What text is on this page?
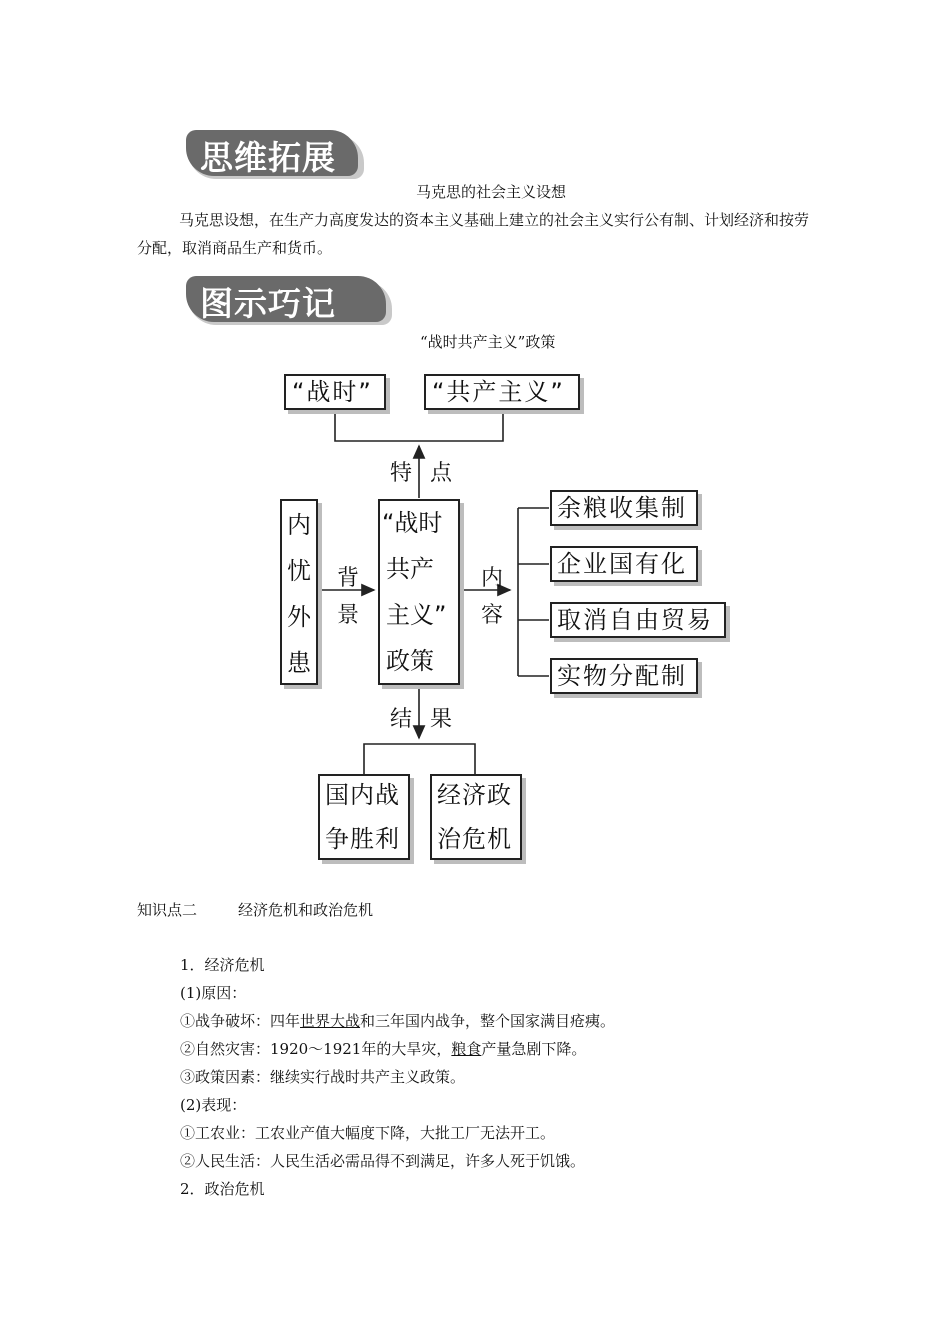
思维拓展
马克思的社会主义设想
马克思设想，在生产力高度发达的资本主义基础上建立的社会主义实行公有制、计划经济和按劳分配，取消商品生产和货币。
图示巧记
“战时共产主义”政策
“战时” “共产主义”
特 点
内
忧
外
患
背
景
“战时
共产
主义”
政策
内
容
余粮收集制
企业国有化
取消自由贸易
实物分配制
结 果
国内战
争胜利
经济政
治危机
知识点二	经济危机和政治危机
1．经济危机
(1)原因：
①战争破坏：四年世界大战和三年国内战争，整个国家满目疮痍。
②自然灾害：1920～1921年的大旱灾，粮食产量急剧下降。
③政策因素：继续实行战时共产主义政策。
(2)表现：
①工农业：工农业产值大幅度下降，大批工厂无法开工。
②人民生活：人民生活必需品得不到满足，许多人死于饥饿。
2．政治危机
